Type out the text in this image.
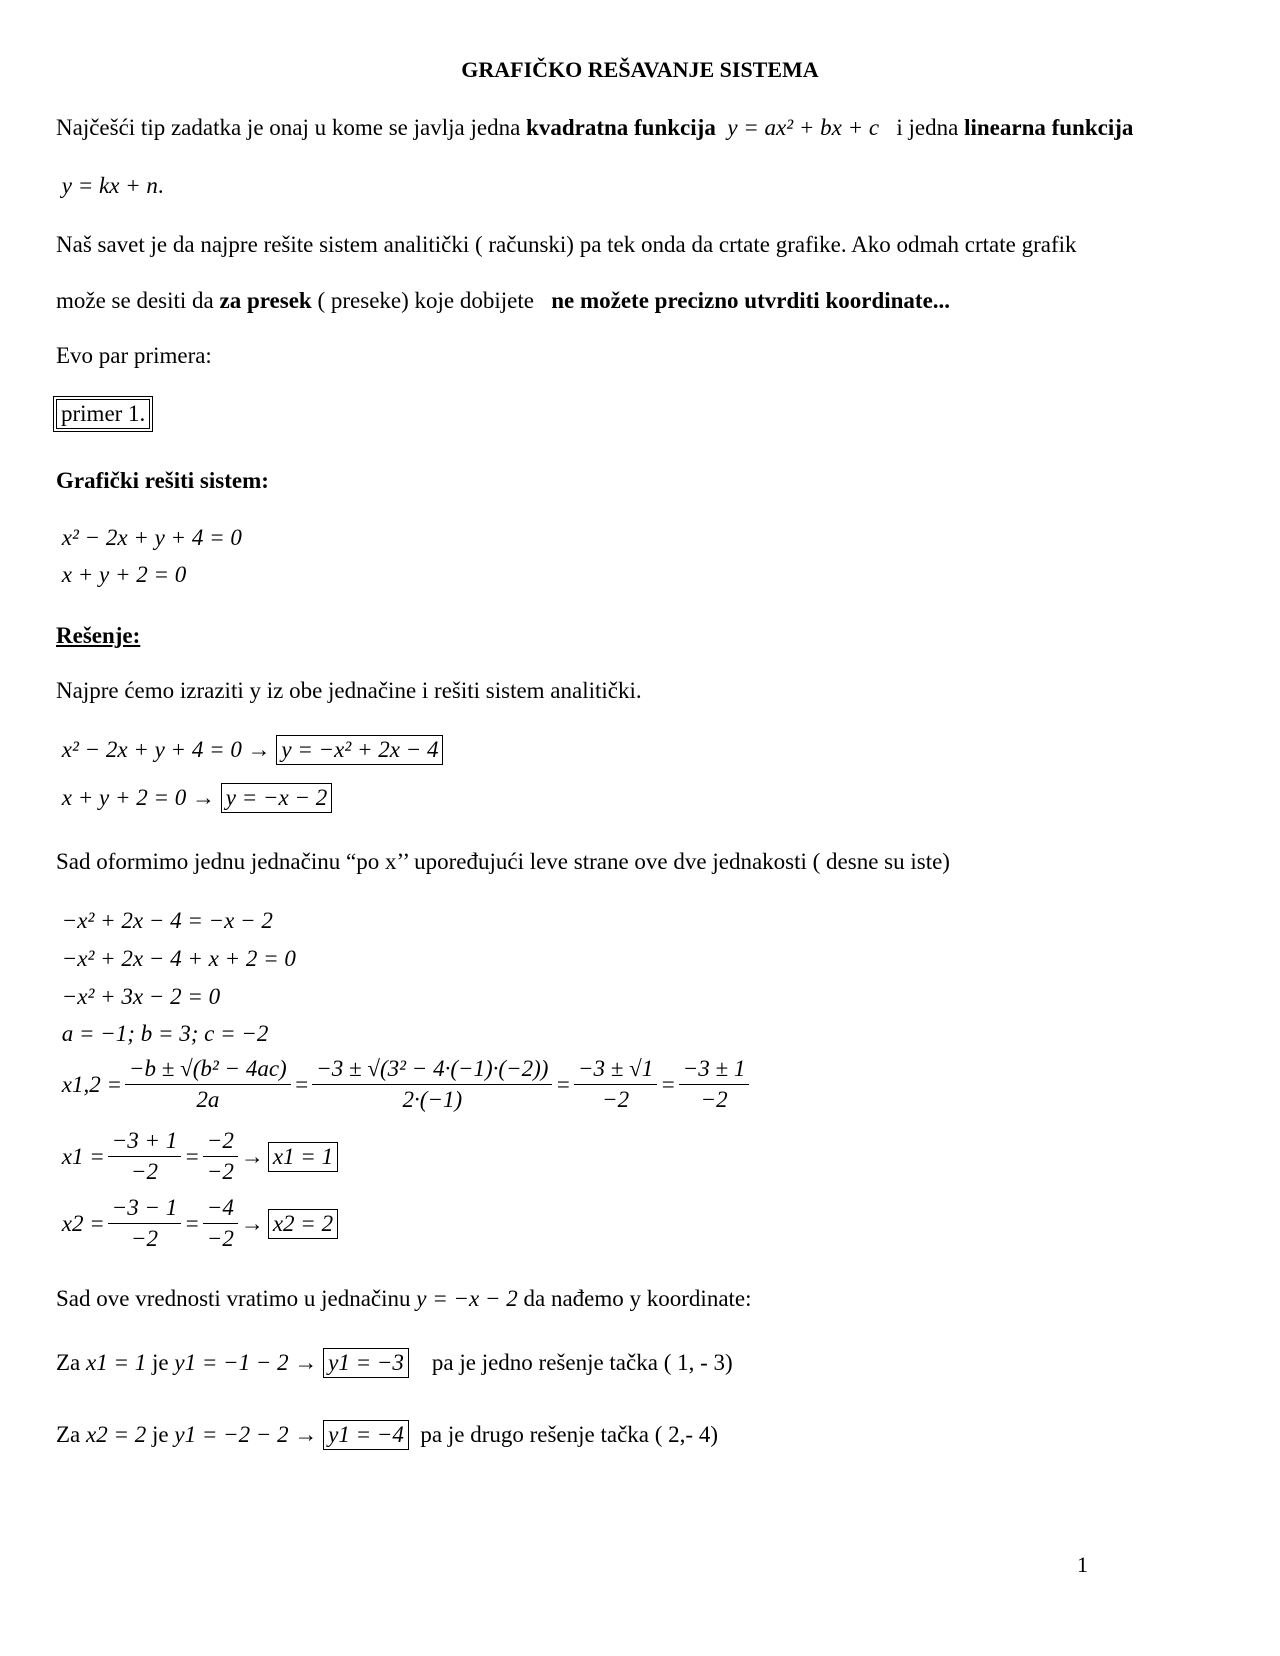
GRAFIČKO REŠAVANJE SISTEMA
Najčešći tip zadatka je onaj u kome se javlja jedna kvadratna funkcija y = ax² + bx + c i jedna linearna funkcija
y = kx + n.
Naš savet je da najpre rešite sistem analitički ( računski) pa tek onda da crtate grafike. Ako odmah crtate grafik
može se desiti da za presek ( preseke) koje dobijete   ne možete precizno utvrditi koordinate...
Evo par primera:
primer 1.
Grafički rešiti sistem:
x² − 2x + y + 4 = 0
x + y + 2 = 0
Rešenje:
Najpre ćemo izraziti y iz obe jednačine i rešiti sistem analitički.
x² − 2x + y + 4 = 0 → y = −x² + 2x − 4
x + y + 2 = 0 → y = −x − 2
Sad oformimo jednu jednačinu “po x’’ upoređujući leve strane ove dve jednakosti ( desne su iste)
−x² + 2x − 4 = −x − 2
−x² + 2x − 4 + x + 2 = 0
−x² + 3x − 2 = 0
a = −1; b = 3; c = −2

$x1,2 = \frac{\text{−b ± √(b² − 4ac)}}{2a} = \frac{\text{−3 ± √(3² − 4·(−1)·(−2))}}{2\cdot(-1)} = \frac{-3 \pm √1}{-2} = \frac{-3 \pm 1}{-2}$

$x1 = \frac{-3 + 1}{-2} = \frac{-2}{-2} \to x1 = 1$

$x2 = \frac{-3 - 1}{-2} = \frac{-4}{-2} \to x2 = 2$
Sad ove vrednosti vratimo u jednačinu y = −x − 2 da nađemo y koordinate:
Za x1 = 1 je y1 = −1 − 2 → y1 = −3 pa je jedno rešenje tačka ( 1, - 3)
Za x2 = 2 je y1 = −2 − 2 → y1 = −4 pa je drugo rešenje tačka ( 2,- 4)
1
